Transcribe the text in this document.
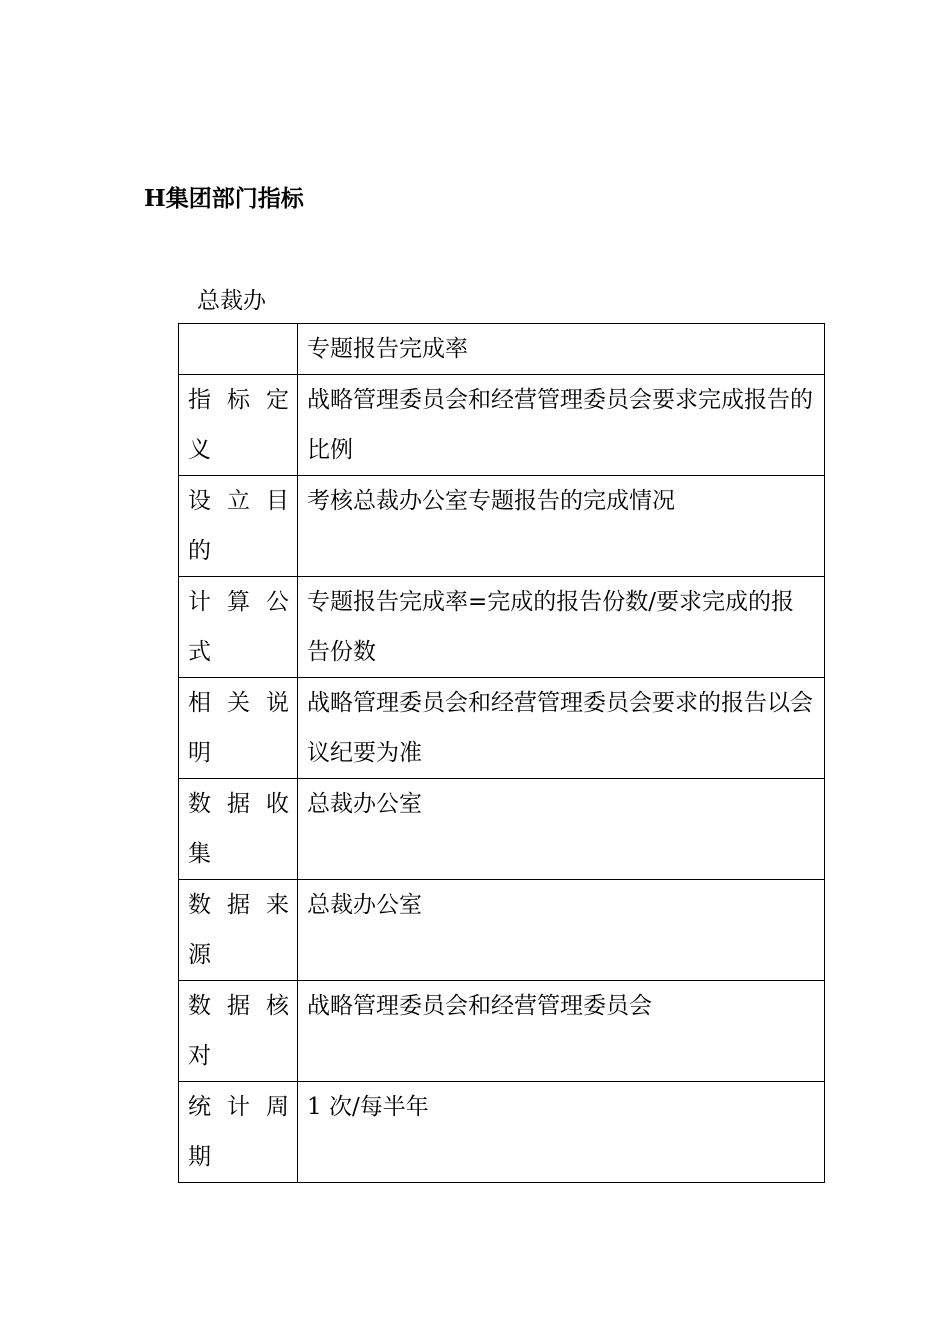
H集团部门指标
总裁办
	专题报告完成率

指 标 定
义	战略管理委员会和经营管理委员会要求完成报告的比例

设 立 目
的	考核总裁办公室专题报告的完成情况

计 算 公
式	专题报告完成率=完成的报告份数/要求完成的报告份数

相 关 说
明	战略管理委员会和经营管理委员会要求的报告以会议纪要为准

数 据 收
集	总裁办公室

数 据 来
源	总裁办公室

数 据 核
对	战略管理委员会和经营管理委员会

统 计 周
期	1 次/每半年
